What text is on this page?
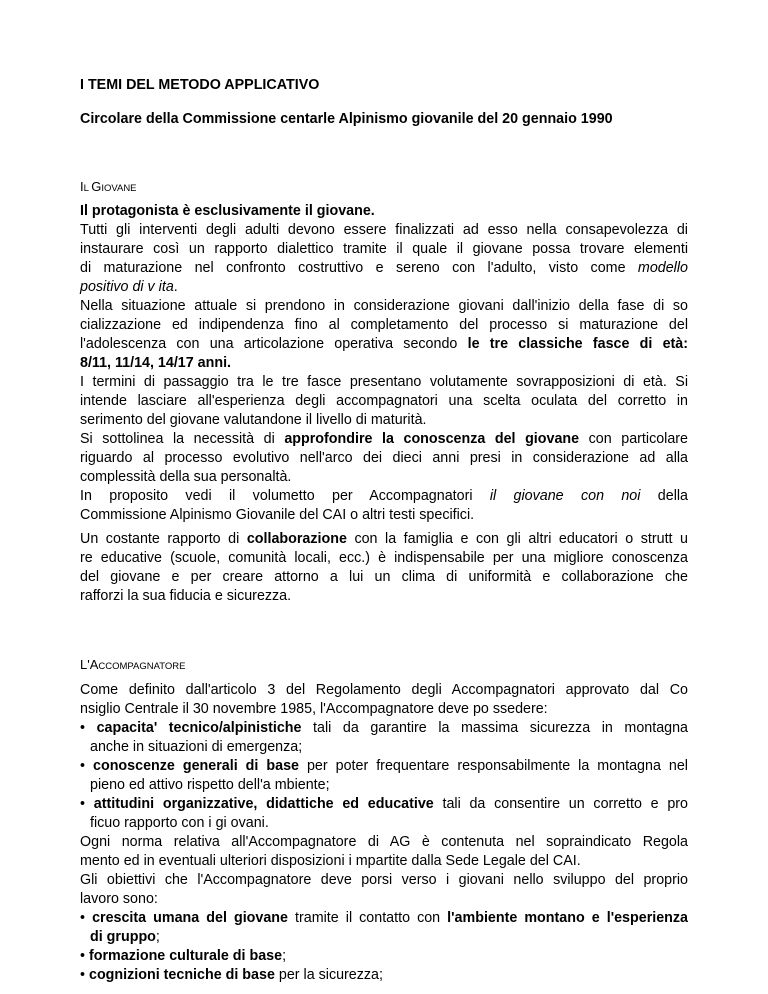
I TEMI DEL METODO APPLICATIVO
Circolare della Commissione centarle Alpinismo giovanile del 20 gennaio 1990
IL GIOVANE
Il protagonista è esclusivamente il giovane.
Tutti gli interventi degli adulti devono essere finalizzati ad esso nella consapevolezza di
instaurare così un rapporto dialettico tramite il quale il giovane possa trovare elementi
di maturazione nel confronto costruttivo e sereno con l'adulto, visto come modello
positivo di v ita.
Nella situazione attuale si prendono in considerazione giovani dall'inizio della fase di so
cializzazione ed indipendenza fino al completamento del processo si maturazione del
l'adolescenza con una articolazione operativa secondo le tre classiche fasce di età:
8/11, 11/14, 14/17 anni.
I termini di passaggio tra le tre fasce presentano volutamente sovrapposizioni di età. Si
intende lasciare all'esperienza degli accompagnatori una scelta oculata del corretto in
serimento del giovane valutandone il livello di maturità.
Si sottolinea la necessità di approfondire la conoscenza del giovane con particolare
riguardo al processo evolutivo nell'arco dei dieci anni presi in considerazione ad alla
complessità della sua personaltà.
In proposito vedi il volumetto per Accompagnatori il giovane con noi della
Commissione Alpinismo Giovanile del CAI o altri testi specifici.
Un costante rapporto di collaborazione con la famiglia e con gli altri educatori o strutt u
re educative (scuole, comunità locali, ecc.) è indispensabile per una migliore conoscenza
del giovane e per creare attorno a lui un clima di uniformità e collaborazione che
rafforzi la sua fiducia e sicurezza.
L'ACCOMPAGNATORE
Come definito dall'articolo 3 del Regolamento degli Accompagnatori approvato dal Co
nsiglio Centrale il 30 novembre 1985, l'Accompagnatore deve po ssedere:
• capacita' tecnico/alpinistiche tali da garantire la massima sicurezza in montagna
anche in situazioni di emergenza;
• conoscenze generali di base per poter frequentare responsabilmente la montagna nel
pieno ed attivo rispetto dell'a mbiente;
• attitudini organizzative, didattiche ed educative tali da consentire un corretto e pro
ficuo rapporto con i gi ovani.
Ogni norma relativa all'Accompagnatore di AG è contenuta nel sopraindicato Regola
mento ed in eventuali ulteriori disposizioni i mpartite dalla Sede Legale del CAI.
Gli obiettivi che l'Accompagnatore deve porsi verso i giovani nello sviluppo del proprio
lavoro sono:
• crescita umana del giovane tramite il contatto con l'ambiente montano e l'esperienza
di gruppo;
• formazione culturale di base;
• cognizioni tecniche di base per la sicurezza;
